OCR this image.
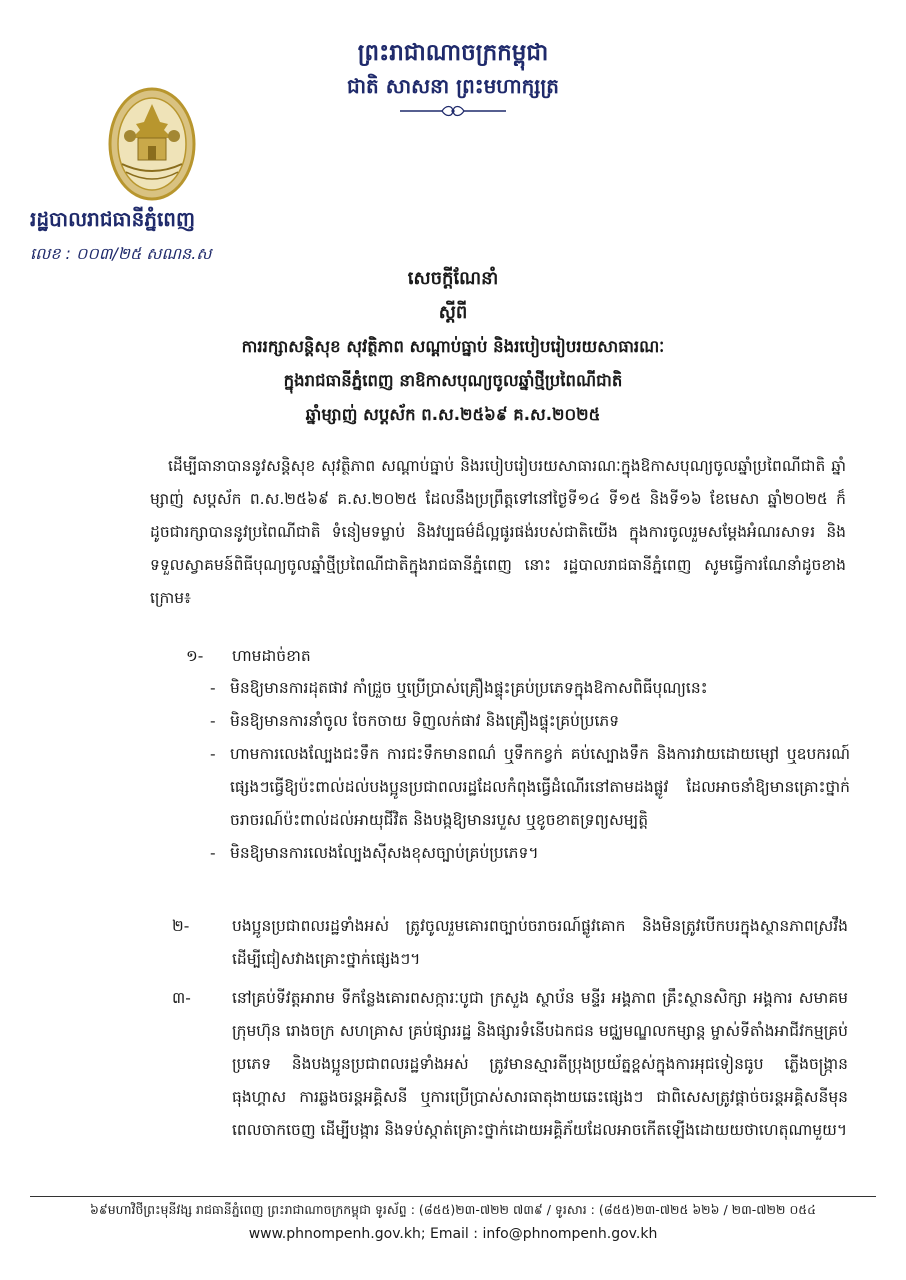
ព្រះរាជាណាចក្រកម្ពុជា
ជាតិ សាសនា ព្រះមហាក្សត្រ
រដ្ឋបាលរាជធានីភ្នំពេញ
លេខ : ០០៣/២៥ សណន.ស
សេចក្តីណែនាំ
ស្តីពី
ការរក្សាសន្តិសុខ សុវត្ថិភាព សណ្តាប់ធ្នាប់ និងរបៀបរៀបរយសាធារណៈ
ក្នុងរាជធានីភ្នំពេញ នាឱកាសបុណ្យចូលឆ្នាំថ្មីប្រពៃណីជាតិ
ឆ្នាំម្សាញ់ សប្តស័ក ព.ស.២៥៦៩ គ.ស.២០២៥
ដើម្បីធានាបាននូវសន្តិសុខ សុវត្ថិភាព សណ្តាប់ធ្នាប់ និងរបៀបរៀបរយសាធារណៈក្នុងឱកាសបុណ្យចូលឆ្នាំប្រពៃណីជាតិ ឆ្នាំម្សាញ់ សប្តស័ក ព.ស.២៥៦៩ គ.ស.២០២៥ ដែលនឹងប្រព្រឹត្តទៅនៅថ្ងៃទី១៤ ទី១៥ និងទី១៦ ខែមេសា ឆ្នាំ២០២៥ ក៏ដូចជារក្សាបាននូវប្រពៃណីជាតិ ទំនៀមទម្លាប់ និងវប្បធម៌ដ៏ល្អផូរផង់របស់ជាតិយើង ក្នុងការចូលរួមសម្តែងអំណរសាទរ និងទទួលស្វាគមន៍ពិធីបុណ្យចូលឆ្នាំថ្មីប្រពៃណីជាតិក្នុងរាជធានីភ្នំពេញ នោះ រដ្ឋបាលរាជធានីភ្នំពេញ សូមធ្វើការណែនាំដូចខាងក្រោម៖
១- ហាមដាច់ខាត
- មិនឱ្យមានការដុតផាវ កាំជ្រួច ឬប្រើប្រាស់គ្រឿងផ្ទុះគ្រប់ប្រភេទក្នុងឱកាសពិធីបុណ្យនេះ
- មិនឱ្យមានការនាំចូល ចែកចាយ ទិញលក់ផាវ និងគ្រឿងផ្ទុះគ្រប់ប្រភេទ
- ហាមការលេងល្បែងជះទឹក ការជះទឹកមានពណ៌ ឬទឹកកខ្វក់ គប់ស្បោងទឹក និងការវាយដោយម្សៅ ឬឧបករណ៍ផ្សេងៗធ្វើឱ្យប៉ះពាល់ដល់បងប្អូនប្រជាពលរដ្ឋដែលកំពុងធ្វើដំណើរនៅតាមដងផ្លូវ ដែលអាចនាំឱ្យមានគ្រោះថ្នាក់ចរាចរណ៍ប៉ះពាល់ដល់អាយុជីវិត និងបង្កឱ្យមានរបួស ឬខូចខាតទ្រព្យសម្បត្តិ
- មិនឱ្យមានការលេងល្បែងស៊ីសងខុសច្បាប់គ្រប់ប្រភេទ។
២-	បងប្អូនប្រជាពលរដ្ឋទាំងអស់ ត្រូវចូលរួមគោរពច្បាប់ចរាចរណ៍ផ្លូវគោក និងមិនត្រូវបើកបរក្នុងស្ថានភាពស្រវឹង ដើម្បីជៀសវាងគ្រោះថ្នាក់ផ្សេងៗ។
៣-	នៅគ្រប់ទីវត្តអារាម ទីកន្លែងគោរពសក្ការៈបូជា ក្រសួង ស្ថាប័ន មន្ទីរ អង្គភាព គ្រឹះស្ថានសិក្សា អង្គការ សមាគម ក្រុមហ៊ុន រោងចក្រ សហគ្រាស គ្រប់ផ្សាររដ្ឋ និងផ្សារទំនើបឯកជន មជ្ឈមណ្ឌលកម្សាន្ត ម្ចាស់ទីតាំងអាជីវកម្មគ្រប់ប្រភេទ និងបងប្អូនប្រជាពលរដ្ឋទាំងអស់ ត្រូវមានស្មារតីប្រុងប្រយ័ត្នខ្ពស់ក្នុងការអុជទៀនធូប ភ្លើងចង្ក្រាន ធុងហ្គាស ការឆ្លងចរន្តអគ្គិសនី ឬការប្រើប្រាស់សារធាតុងាយឆេះផ្សេងៗ ជាពិសេសត្រូវផ្តាច់ចរន្តអគ្គិសនីមុនពេលចាកចេញ ដើម្បីបង្ការ និងទប់ស្កាត់គ្រោះថ្នាក់ដោយអគ្គិភ័យដែលអាចកើតឡើងដោយយថាហេតុណាមួយ។
៦៩មហាវិថីព្រះមុនីវង្ស រាជធានីភ្នំពេញ ព្រះរាជាណាចក្រកម្ពុជា ទូរស័ព្ទ : (៨៥៥)២៣-៧២២ ៧៣៩ / ទូរសារ : (៨៥៥)២៣-៧២៥ ៦២៦ / ២៣-៧២២ ០៥៤
www.phnompenh.gov.kh; Email : info@phnompenh.gov.kh
